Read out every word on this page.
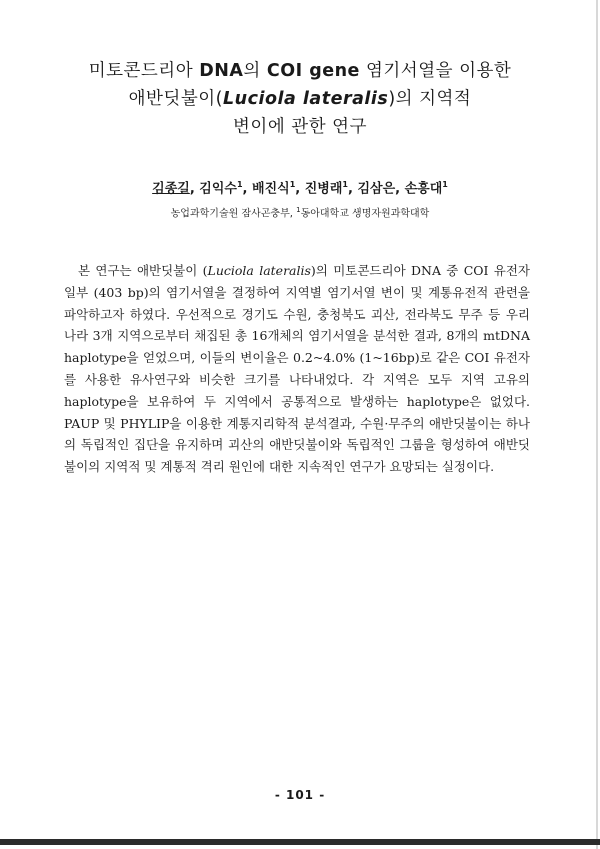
미토콘드리아 DNA의 COI gene 염기서열을 이용한
애반딧불이(Luciola lateralis)의 지역적
변이에 관한 연구
김종길, 김익수$^1$, 배진식$^1$, 진병래$^1$, 김삼은, 손흥대$^1$
농업과학기술원 잠사곤충부, $^1$동아대학교 생명자원과학대학
본 연구는 애반딧불이 (Luciola lateralis)의 미토콘드리아 DNA 중 COI 유전자 일부 (403 bp)의 염기서열을 결정하여 지역별 염기서열 변이 및 계통유전적 관련을 파악하고자 하였다. 우선적으로 경기도 수원, 충청북도 괴산, 전라북도 무주 등 우리 나라 3개 지역으로부터 채집된 총 16개체의 염기서열을 분석한 결과, 8개의 mtDNA haplotype을 얻었으며, 이들의 변이율은 0.2~4.0% (1~16bp)로 같은 COI 유전자를 사용한 유사연구와 비슷한 크기를 나타내었다. 각 지역은 모두 지역 고유의 haplotype을 보유하여 두 지역에서 공통적으로 발생하는 haplotype은 없었다. PAUP 및 PHYLIP을 이용한 계통지리학적 분석결과, 수원·무주의 애반딧불이는 하나의 독립적인 집단을 유지하며 괴산의 애반딧불이와 독립적인 그룹을 형성하여 애반딧불이의 지역적 및 계통적 격리 원인에 대한 지속적인 연구가 요망되는 실정이다.
- 101 -
